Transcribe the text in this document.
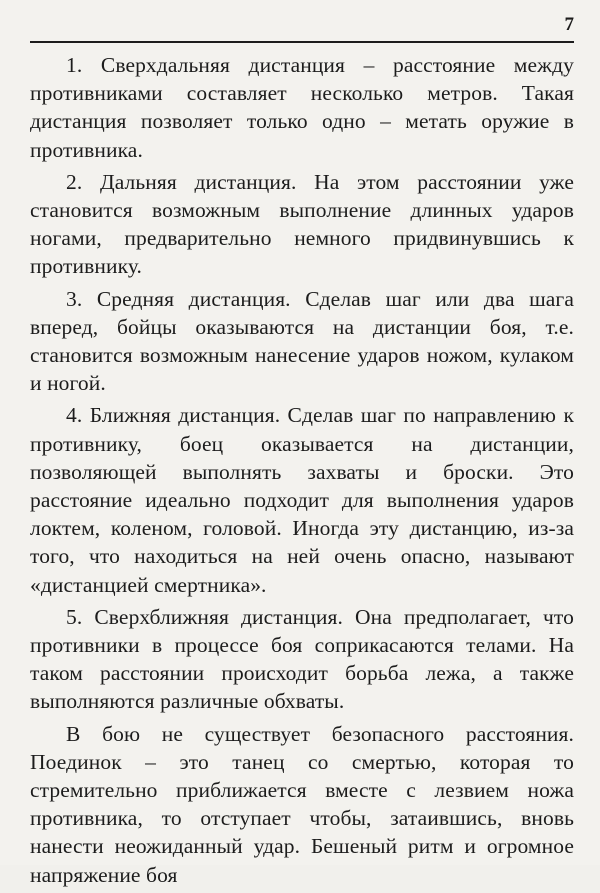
7

1. Сверхдальняя дистанция – расстояние между противниками составляет несколько метров. Такая дистанция позволяет только одно – метать оружие в противника.

2. Дальняя дистанция. На этом расстоянии уже становится возможным выполнение длинных ударов ногами, предварительно немного придвинувшись к противнику.

3. Средняя дистанция. Сделав шаг или два шага вперед, бойцы оказываются на дистанции боя, т.е. становится возможным нанесение ударов ножом, кулаком и ногой.

4. Ближняя дистанция. Сделав шаг по направлению к противнику, боец оказывается на дистанции, позволяющей выполнять захваты и броски. Это расстояние идеально подходит для выполнения ударов локтем, коленом, головой. Иногда эту дистанцию, из-за того, что находиться на ней очень опасно, называют «дистанцией смертника».

5. Сверхближняя дистанция. Она предполагает, что противники в процессе боя соприкасаются телами. На таком расстоянии происходит борьба лежа, а также выполняются различные обхваты.

В бою не существует безопасного расстояния. Поединок – это танец со смертью, которая то стремительно приближается вместе с лезвием ножа противника, то отступает чтобы, затаившись, вновь нанести неожиданный удар. Бешеный ритм и огромное напряжение боя
